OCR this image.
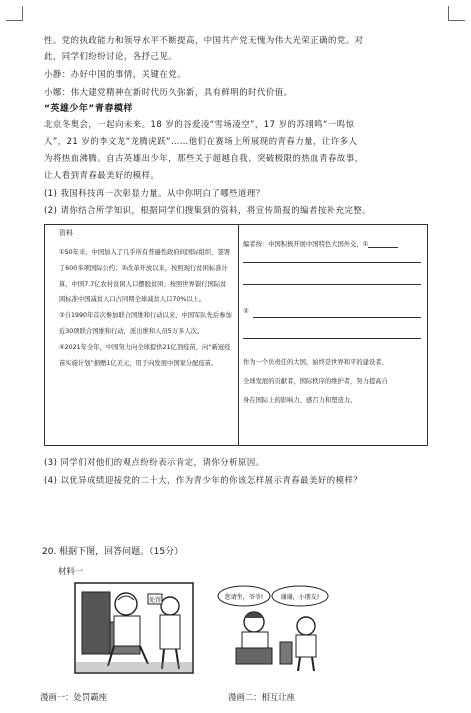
性。党的执政能力和领导水平不断提高，中国共产党无愧为伟大光荣正确的党。对
此，同学们纷纷讨论，各抒己见。
小静：办好中国的事情，关键在党。
小娜：伟大建党精神在新时代历久弥新，具有鲜明的时代价值。
“英雄少年”青春模样
北京冬奥会，一起向未来。18 岁的谷爱凌“雪场凌空”，17 岁的苏翊鸣“一鸣惊
人”，21 岁的李文龙“龙腾虎跃”……他们在赛场上所展现的青春力量，让许多人
为将热血沸腾。自古英雄出少年，那些关于超越自我、突破极限的热血青春故事，
让人看到青春最美好的模样。
(1) 我国科技再一次彰显力量。从中你明白了哪些道理？
(2) 请你结合所学知识，根据同学们搜集到的资料，将宣传简报的编者按补充完整。
资料

①50年来，中国加入了几乎所有普遍性政府间国际组织，签署了600多项国际公约；②改革开放以来，按照现行贫困标准计算，中国7.7亿农村贫困人口摆脱贫困；按照世界银行国际贫困标准中国减贫人口占同期全球减贫人口70%以上。

③自1990年首次参加联合国维和行动以来，中国军队先后参加近30项联合国维和行动，派出维和人员5万多人次。

④2021年全年，中国努力向全球提供21亿剂疫苗，向“新冠疫苗实施计划”捐赠1亿美元，用于向发展中国家分配疫苗。

编者按：中国积极开展中国特色大国外交，①
②
作为一个负责任的大国，始终是世界和平的建设者、
全球发展的贡献者，国际秩序的维护者，努力提高自
身在国际上的影响力、感召力和塑造力。
(3) 同学们对他们的观点纷纷表示肯定，请你分析原因。
(4) 以优异成绩迎接党的二十大，作为青少年的你该怎样展示青春最美好的模样？
20. 根据下图，回答问题。（15分）
材料一
处罚	您请坐，爷爷!	谢谢，小朋友!
漫画一：处罚霸座	漫画二：相互让座
